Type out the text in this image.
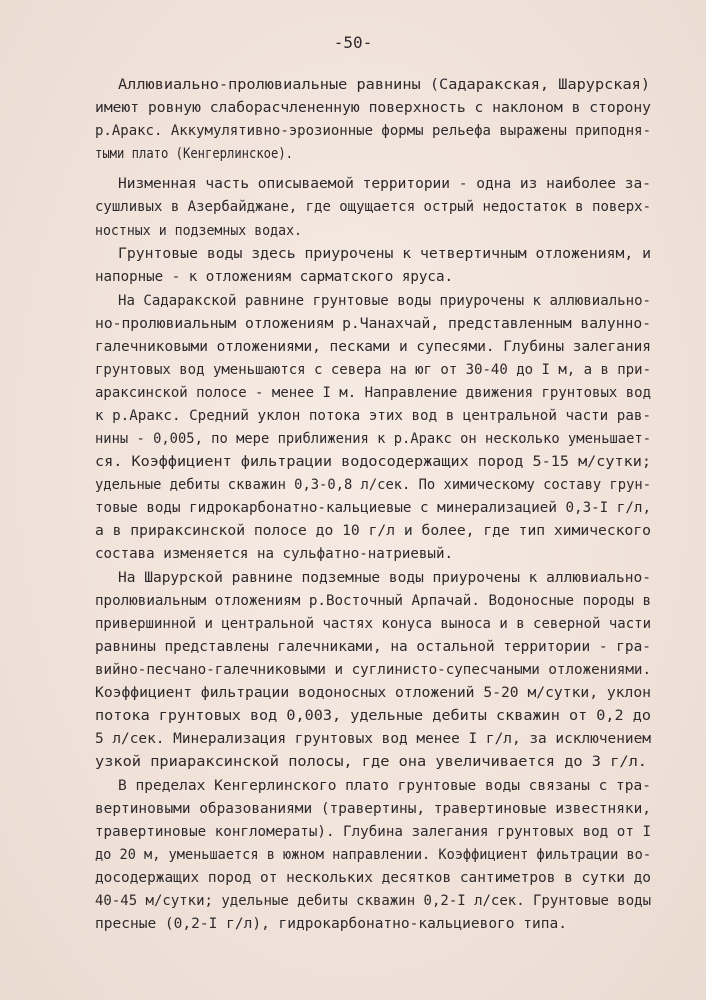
-50-
Аллювиально-пролювиальные равнины (Садаракская, Шарурская)
имеют ровную слаборасчлененную поверхность с наклоном в сторону
р.Аракс. Аккумулятивно-эрозионные формы рельефа выражены приподня-
тыми плато (Кенгерлинское).
Низменная часть описываемой территории - одна из наиболее за-
сушливых в Азербайджане, где ощущается острый недостаток в поверх-
ностных и подземных водах.
Грунтовые воды здесь приурочены к четвертичным отложениям, и
напорные - к отложениям сарматского яруса.
На Садаракской равнине грунтовые воды приурочены к аллювиально-
но-пролювиальным отложениям р.Чанахчай, представленным валунно-
галечниковыми отложениями, песками и супесями. Глубины залегания
грунтовых вод уменьшаются с севера на юг от 30-40 до I м, а в при-
араксинской полосе - менее I м. Направление движения грунтовых вод
к р.Аракс. Средний уклон потока этих вод в центральной части рав-
нины - 0,005, по мере приближения к р.Аракс он несколько уменьшает-
ся. Коэффициент фильтрации водосодержащих пород 5-15 м/сутки;
удельные дебиты скважин 0,3-0,8 л/сек. По химическому составу грун-
товые воды гидрокарбонатно-кальциевые с минерализацией 0,3-I г/л,
а в прираксинской полосе до 10 г/л и более, где тип химического
состава изменяется на сульфатно-натриевый.
На Шарурской равнине подземные воды приурочены к аллювиально-
пролювиальным отложениям р.Восточный Арпачай. Водоносные породы в
привершинной и центральной частях конуса выноса и в северной части
равнины представлены галечниками, на остальной территории - гра-
вийно-песчано-галечниковыми и суглинисто-супесчаными отложениями.
Коэффициент фильтрации водоносных отложений 5-20 м/сутки, уклон
потока грунтовых вод 0,003, удельные дебиты скважин от 0,2 до
5 л/сек. Минерализация грунтовых вод менее I г/л, за исключением
узкой приараксинской полосы, где она увеличивается до 3 г/л.
В пределах Кенгерлинского плато грунтовые воды связаны с тра-
вертиновыми образованиями (травертины, травертиновые известняки,
травертиновые конгломераты). Глубина залегания грунтовых вод от I
до 20 м, уменьшается в южном направлении. Коэффициент фильтрации во-
досодержащих пород от нескольких десятков сантиметров в сутки до
40-45 м/сутки; удельные дебиты скважин 0,2-I л/сек. Грунтовые воды
пресные (0,2-I г/л), гидрокарбонатно-кальциевого типа.
